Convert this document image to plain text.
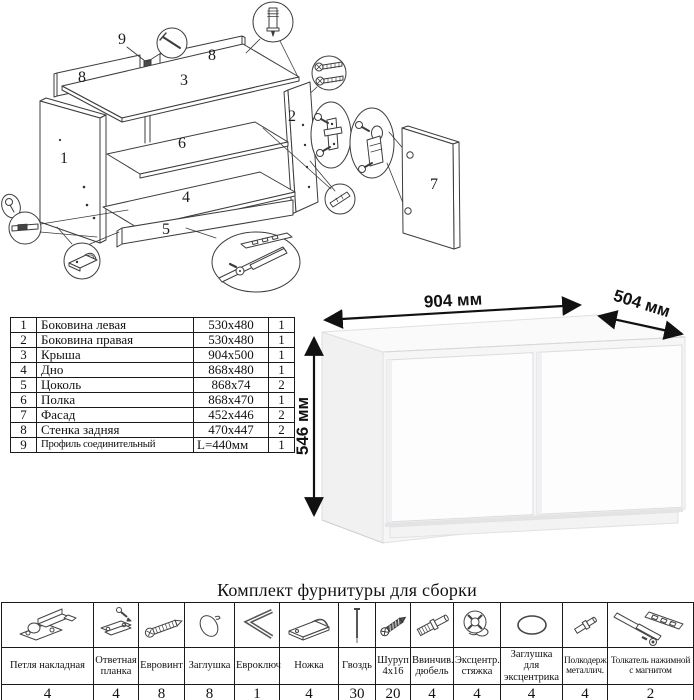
1
2
3
4
5
6
7
8
8
9
1	Боковина левая	530x480	1
2	Боковина правая	530x480	1
3	Крыша	904x500	1
4	Дно	868x480	1
5	Цоколь	868x74	2
6	Полка	868x470	1
7	Фасад	452x446	2
8	Стенка задняя	470x447	2
9	Профиль соединительный	L=440мм	1
904 мм	504 мм
546 мм
Комплект фурнитуры для сборки

Петля накладная	Ответная планка	Евровинт	Заглушка	Евроключ	Ножка	Гвоздь	Шуруп 4x16	Ввинчив. дюбель	Эксцентр. стяжка	Заглушка для эксцентрика	Полкодерж. металлич.	Толкатель нажимной с магнитом
4	4	8	8	1	4	30	20	4	4	4	4	2
